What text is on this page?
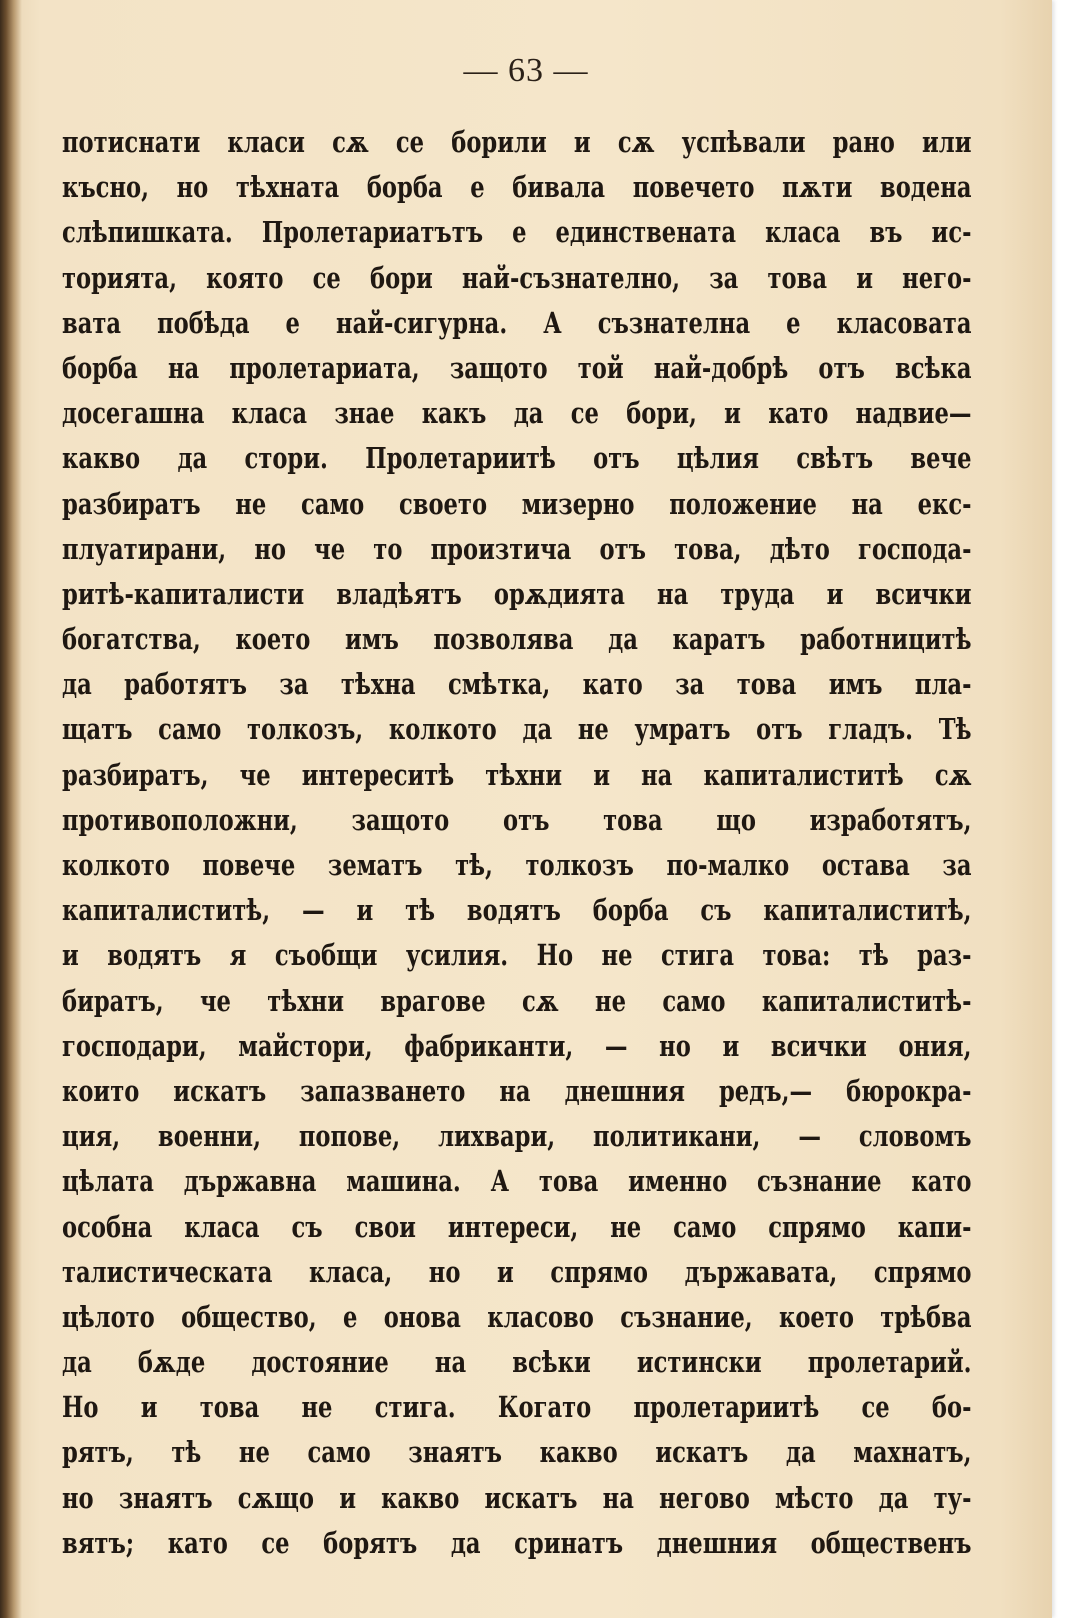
— 63 —
потиснати класи сѫ се борили и сѫ успѣвали рано или
късно, но тѣхната борба е бивала повечето пѫти водена
слѣпишката. Пролетариатътъ е единствената класа въ ис-
торията, която се бори най-съзнателно, за това и него-
вата побѣда е най-сигурна. А съзнателна е класовата
борба на пролетариата, защото той най-добрѣ отъ всѣка
досегашна класа знае какъ да се бори, и като надвие—
какво да стори. Пролетариитѣ отъ цѣлия свѣтъ вече
разбиратъ не само своето мизерно положение на екс-
плуатирани, но че то произтича отъ това, дѣто господа-
ритѣ-капиталисти владѣятъ орѫдията на труда и всички
богатства, което имъ позволява да каратъ работницитѣ
да работятъ за тѣхна смѣтка, като за това имъ пла-
щатъ само толкозъ, колкото да не умратъ отъ гладъ. Тѣ
разбиратъ, че интереситѣ тѣхни и на капиталиститѣ сѫ
противоположни, защото отъ това що изработятъ,
колкото повече зематъ тѣ, толкозъ по-малко остава за
капиталиститѣ, — и тѣ водятъ борба съ капиталиститѣ,
и водятъ я съобщи усилия. Но не стига това: тѣ раз-
биратъ, че тѣхни врагове сѫ не само капиталиститѣ-
господари, майстори, фабриканти, — но и всички ония,
които искатъ запазването на днешния редъ,— бюрокра-
ция, военни, попове, лихвари, политикани, — словомъ
цѣлата държавна машина. А това именно съзнание като
особна класа съ свои интереси, не само спрямо капи-
талистическата класа, но и спрямо държавата, спрямо
цѣлото общество, е онова класово съзнание, което трѣбва
да бѫде достояние на всѣки истински пролетарий.
Но и това не стига. Когато пролетариитѣ се бо-
рятъ, тѣ не само знаятъ какво искатъ да махнатъ,
но знаятъ сѫщо и какво искатъ на негово мѣсто да ту-
вятъ; като се борятъ да сринатъ днешния общественъ
